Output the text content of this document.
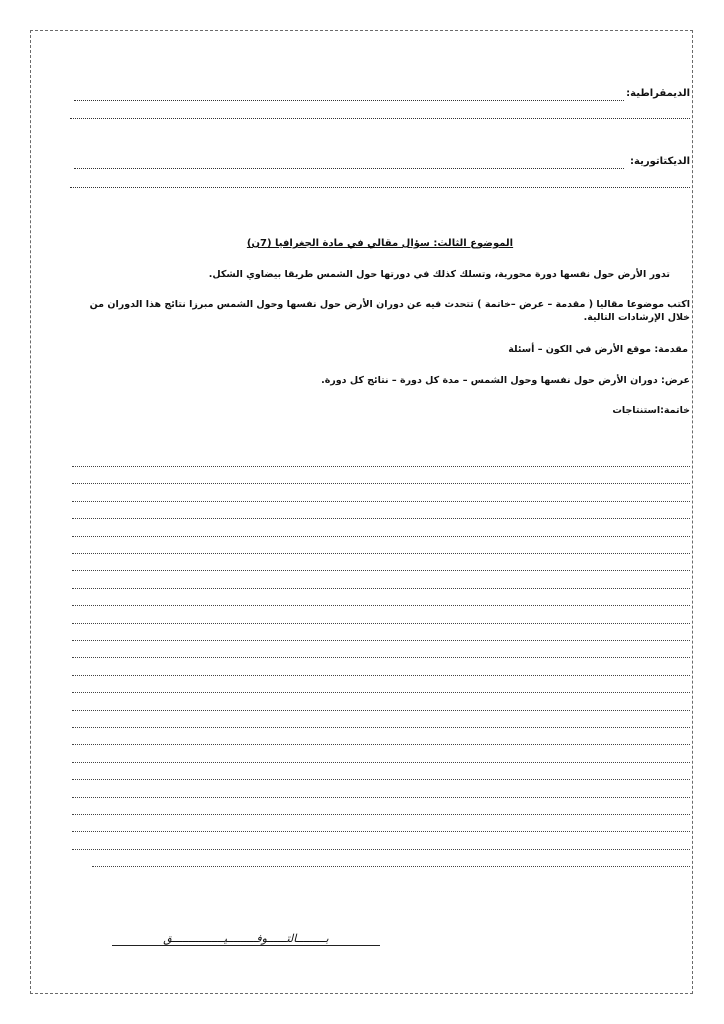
الديمقراطية:
الديكتاتورية:
الموضوع الثالث: سؤال مقالي في مادة الجغرافيا (7ن)
تدور الأرض حول نفسها دورة محورية، وتسلك كذلك في دورتها حول الشمس طريقا بيضاوي الشكل.
اكتب موضوعا مقاليا ( مقدمة – عرض –خاتمة ) تتحدث فيه عن دوران الأرض حول نفسها وحول الشمس مبرزا نتائج هذا الدوران من خلال الإرشادات التالية.
مقدمة: موقع الأرض في الكون – أسئلة
عرض: دوران الأرض حول نفسها وحول الشمس – مدة كل دورة – نتائج كل دورة.
خاتمة:استنتاجات
بـــــــــالتــــــوفـــــــــيــــــــــــــــق
